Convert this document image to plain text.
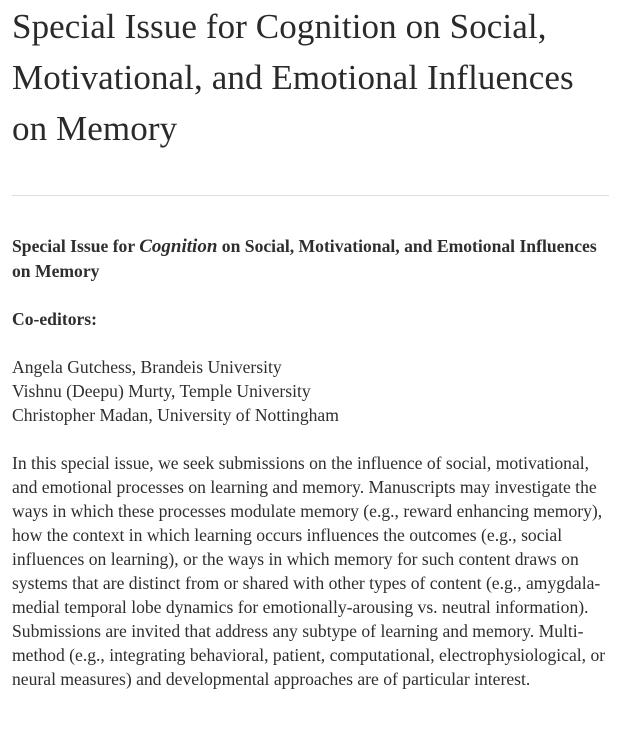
Special Issue for Cognition on Social, Motivational, and Emotional Influences on Memory

Special Issue for Cognition on Social, Motivational, and Emotional Influences on Memory

Co-editors:

Angela Gutchess, Brandeis University
Vishnu (Deepu) Murty, Temple University
Christopher Madan, University of Nottingham

In this special issue, we seek submissions on the influence of social, motivational, and emotional processes on learning and memory. Manuscripts may investigate the ways in which these processes modulate memory (e.g., reward enhancing memory), how the context in which learning occurs influences the outcomes (e.g., social influences on learning), or the ways in which memory for such content draws on systems that are distinct from or shared with other types of content (e.g., amygdala-medial temporal lobe dynamics for emotionally-arousing vs. neutral information). Submissions are invited that address any subtype of learning and memory. Multi-method (e.g., integrating behavioral, patient, computational, electrophysiological, or neural measures) and developmental approaches are of particular interest.
